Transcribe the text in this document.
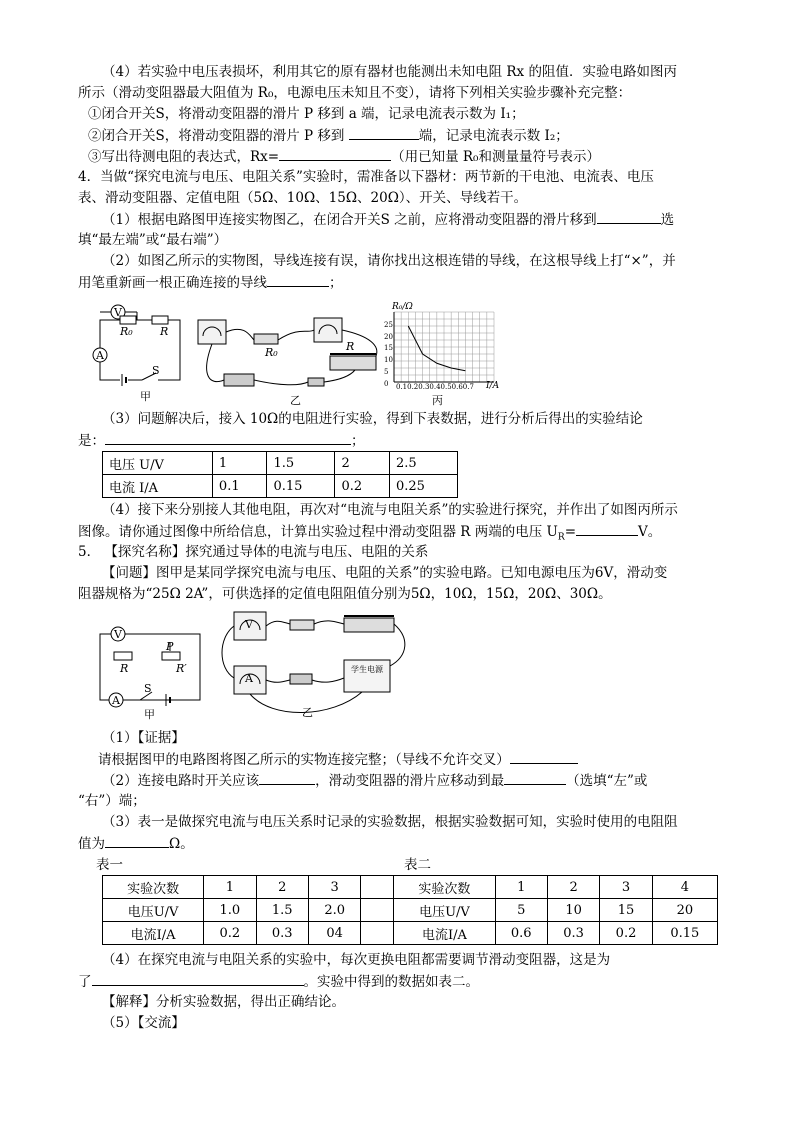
（4）若实验中电压表损坏，利用其它的原有器材也能测出未知电阻 Rx 的阻值．实验电路如图丙
所示（滑动变阻器最大阻值为 R₀，电源电压未知且不变），请将下列相关实验步骤补充完整：
①闭合开关S，将滑动变阻器的滑片 P 移到 a 端，记录电流表示数为 I₁；
②闭合开关S，将滑动变阻器的滑片 P 移到	端，记录电流表示数 I₂；
③写出待测电阻的表达式，Rx=	（用已知量 R₀和测量量符号表示）
4．当做“探究电流与电压、电阻关系”实验时，需准备以下器材：两节新的干电池、电流表、电压
表、滑动变阻器、定值电阻（5Ω、10Ω、15Ω、20Ω）、开关、导线若干。
（1）根据电路图甲连接实物图乙，在闭合开关S 之前，应将滑动变阻器的滑片移到	选
填“最左端”或“最右端”）
（2）如图乙所示的实物图，导线连接有误，请你找出这根连错的导线，在这根导线上打“×”，并
用笔重新画一根正确连接的导线	；
V
A
R₀ R
S
甲
R₀	R
乙
R₀/Ω
25
20
15
10
5
0	0.10.20.30.40.50.60.7 I/A
丙
（3）问题解决后，接入 10Ω的电阻进行实验，得到下表数据，进行分析后得出的实验结论
是：	；
电压 U/V	1	1.5	2	2.5
电流 I/A	0.1	0.15	0.2	0.25
（4）接下来分别接人其他电阻，再次对“电流与电阻关系”的实验进行探究，并作出了如图丙所示
图像。请你通过图像中所给信息，计算出实验过程中滑动变阻器 R 两端的电压 $U_R=$	V。
5． 【探究名称】探究通过导体的电流与电压、电阻的关系
【问题】图甲是某同学探究电流与电压、电阻的关系”的实验电路。已知电源电压为6V，滑动变
阻器规格为“25Ω 2A”，可供选择的定值电阻阻值分别为5Ω，10Ω，15Ω，20Ω、30Ω。
V
A
R
P
R′
S
甲
V
A
学生电源
乙
（1）【证据】
请根据图甲的电路图将图乙所示的实物连接完整；（导线不允许交叉）
（2）连接电路时开关应该	，滑动变阻器的滑片应移动到最	（选填“左”或
“右”）端；
（3）表一是做探究电流与电压关系时记录的实验数据，根据实验数据可知，实验时使用的电阻阻
值为	Ω。
表一	表二
实验次数	1	2	3		实验次数	1	2	3	4
电压U/V	1.0	1.5	2.0		电压U/V	5	10	15	20
电流I/A	0.2	0.3	04		电流I/A	0.6	0.3	0.2	0.15
（4）在探究电流与电阻关系的实验中，每次更换电阻都需要调节滑动变阻器，这是为
了	。实验中得到的数据如表二。
【解释】分析实验数据，得出正确结论。
（5）【交流】
